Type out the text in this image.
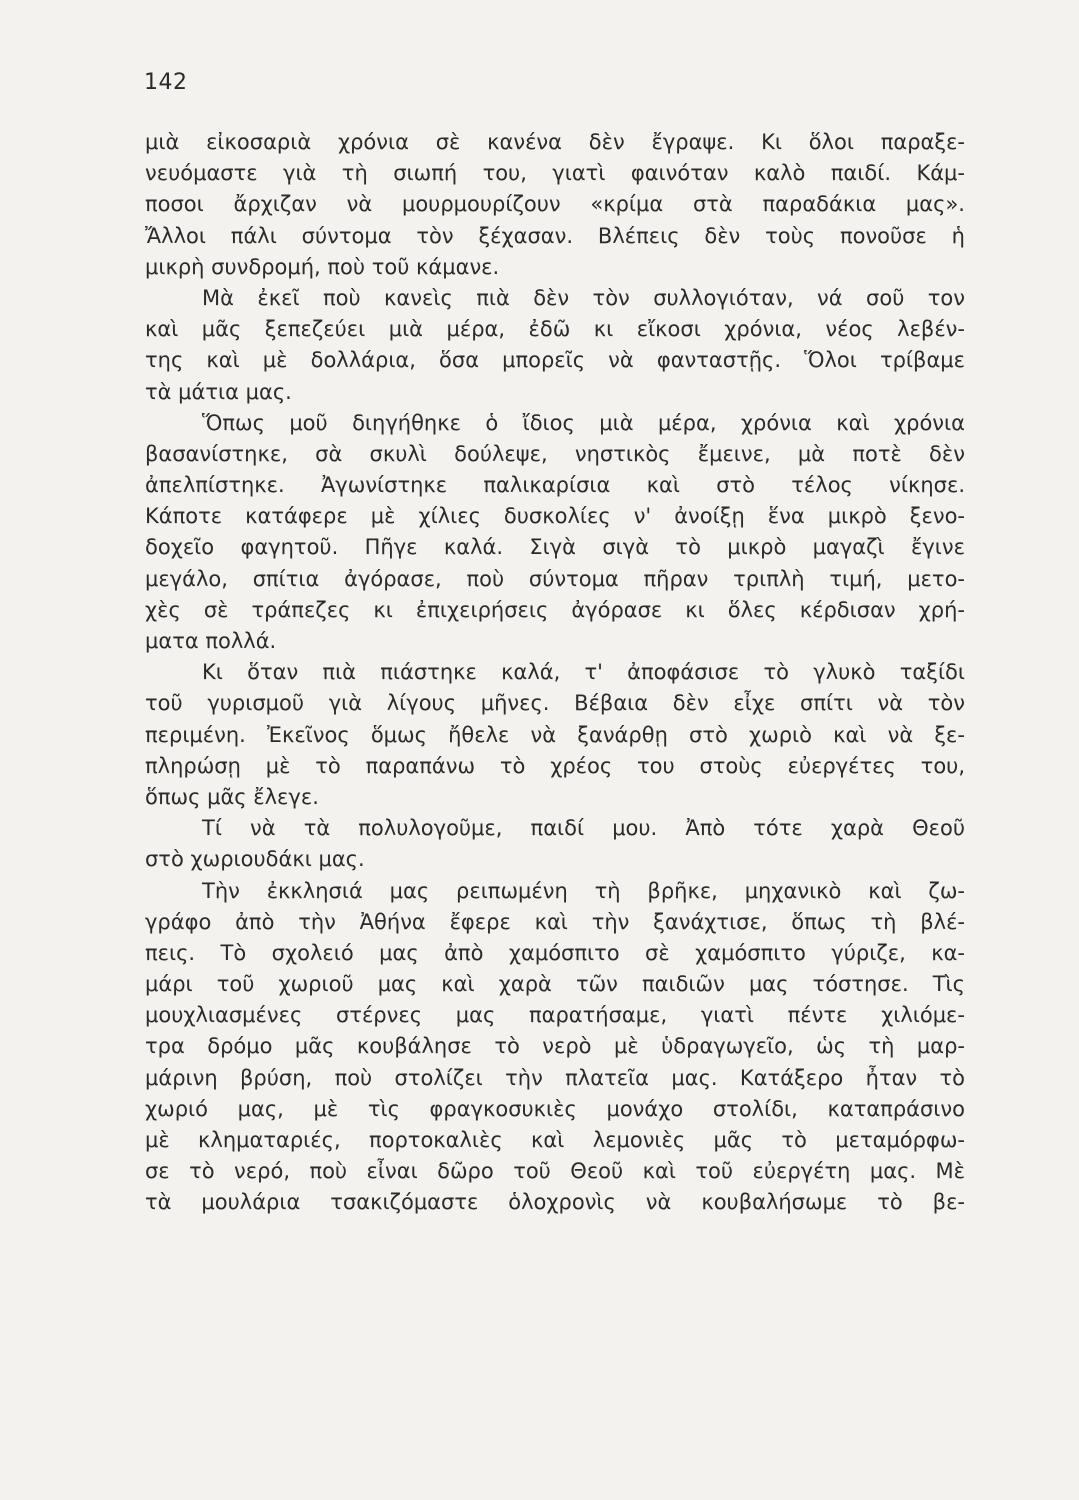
142
μιὰ εἰκοσαριὰ χρόνια σὲ κανένα δὲν ἔγραψε. Κι ὅλοι παραξε-
νευόμαστε γιὰ τὴ σιωπή του, γιατὶ φαινόταν καλὸ παιδί. Κάμ-
ποσοι ἄρχιζαν νὰ μουρμουρίζουν «κρίμα στὰ παραδάκια μας».
Ἄλλοι πάλι σύντομα τὸν ξέχασαν. Βλέπεις δὲν τοὺς πονοῦσε ἡ
μικρὴ συνδρομή, ποὺ τοῦ κάμανε.
Μὰ ἐκεῖ ποὺ κανεὶς πιὰ δὲν τὸν συλλογιόταν, νά σοῦ τον
καὶ μᾶς ξεπεζεύει μιὰ μέρα, ἐδῶ κι εἴκοσι χρόνια, νέος λεβέν-
της καὶ μὲ δολλάρια, ὅσα μπορεῖς νὰ φανταστῇς. Ὅλοι τρίβαμε
τὰ μάτια μας.
Ὅπως μοῦ διηγήθηκε ὁ ἴδιος μιὰ μέρα, χρόνια καὶ χρόνια
βασανίστηκε, σὰ σκυλὶ δούλεψε, νηστικὸς ἔμεινε, μὰ ποτὲ δὲν
ἀπελπίστηκε. Ἀγωνίστηκε παλικαρίσια καὶ στὸ τέλος νίκησε.
Κάποτε κατάφερε μὲ χίλιες δυσκολίες ν' ἀνοίξῃ ἕνα μικρὸ ξενο-
δοχεῖο φαγητοῦ. Πῆγε καλά. Σιγὰ σιγὰ τὸ μικρὸ μαγαζὶ ἔγινε
μεγάλο, σπίτια ἀγόρασε, ποὺ σύντομα πῆραν τριπλὴ τιμή, μετο-
χὲς σὲ τράπεζες κι ἐπιχειρήσεις ἀγόρασε κι ὅλες κέρδισαν χρή-
ματα πολλά.
Κι ὅταν πιὰ πιάστηκε καλά, τ' ἀποφάσισε τὸ γλυκὸ ταξίδι
τοῦ γυρισμοῦ γιὰ λίγους μῆνες. Βέβαια δὲν εἶχε σπίτι νὰ τὸν
περιμένη. Ἐκεῖνος ὅμως ἤθελε νὰ ξανάρθῃ στὸ χωριὸ καὶ νὰ ξε-
πληρώσῃ μὲ τὸ παραπάνω τὸ χρέος του στοὺς εὐεργέτες του,
ὅπως μᾶς ἔλεγε.
Τί νὰ τὰ πολυλογοῦμε, παιδί μου. Ἀπὸ τότε χαρὰ Θεοῦ
στὸ χωριουδάκι μας.
Τὴν ἐκκλησιά μας ρειπωμένη τὴ βρῆκε, μηχανικὸ καὶ ζω-
γράφο ἀπὸ τὴν Ἀθήνα ἔφερε καὶ τὴν ξανάχτισε, ὅπως τὴ βλέ-
πεις. Τὸ σχολειό μας ἀπὸ χαμόσπιτο σὲ χαμόσπιτο γύριζε, κα-
μάρι τοῦ χωριοῦ μας καὶ χαρὰ τῶν παιδιῶν μας τόστησε. Τὶς
μουχλιασμένες στέρνες μας παρατήσαμε, γιατὶ πέντε χιλιόμε-
τρα δρόμο μᾶς κουβάλησε τὸ νερὸ μὲ ὑδραγωγεῖο, ὡς τὴ μαρ-
μάρινη βρύση, ποὺ στολίζει τὴν πλατεῖα μας. Κατάξερο ἦταν τὸ
χωριό μας, μὲ τὶς φραγκοσυκιὲς μονάχο στολίδι, καταπράσινο
μὲ κληματαριές, πορτοκαλιὲς καὶ λεμονιὲς μᾶς τὸ μεταμόρφω-
σε τὸ νερό, ποὺ εἶναι δῶρο τοῦ Θεοῦ καὶ τοῦ εὐεργέτη μας. Μὲ
τὰ μουλάρια τσακιζόμαστε ὁλοχρονὶς νὰ κουβαλήσωμε τὸ βε-
